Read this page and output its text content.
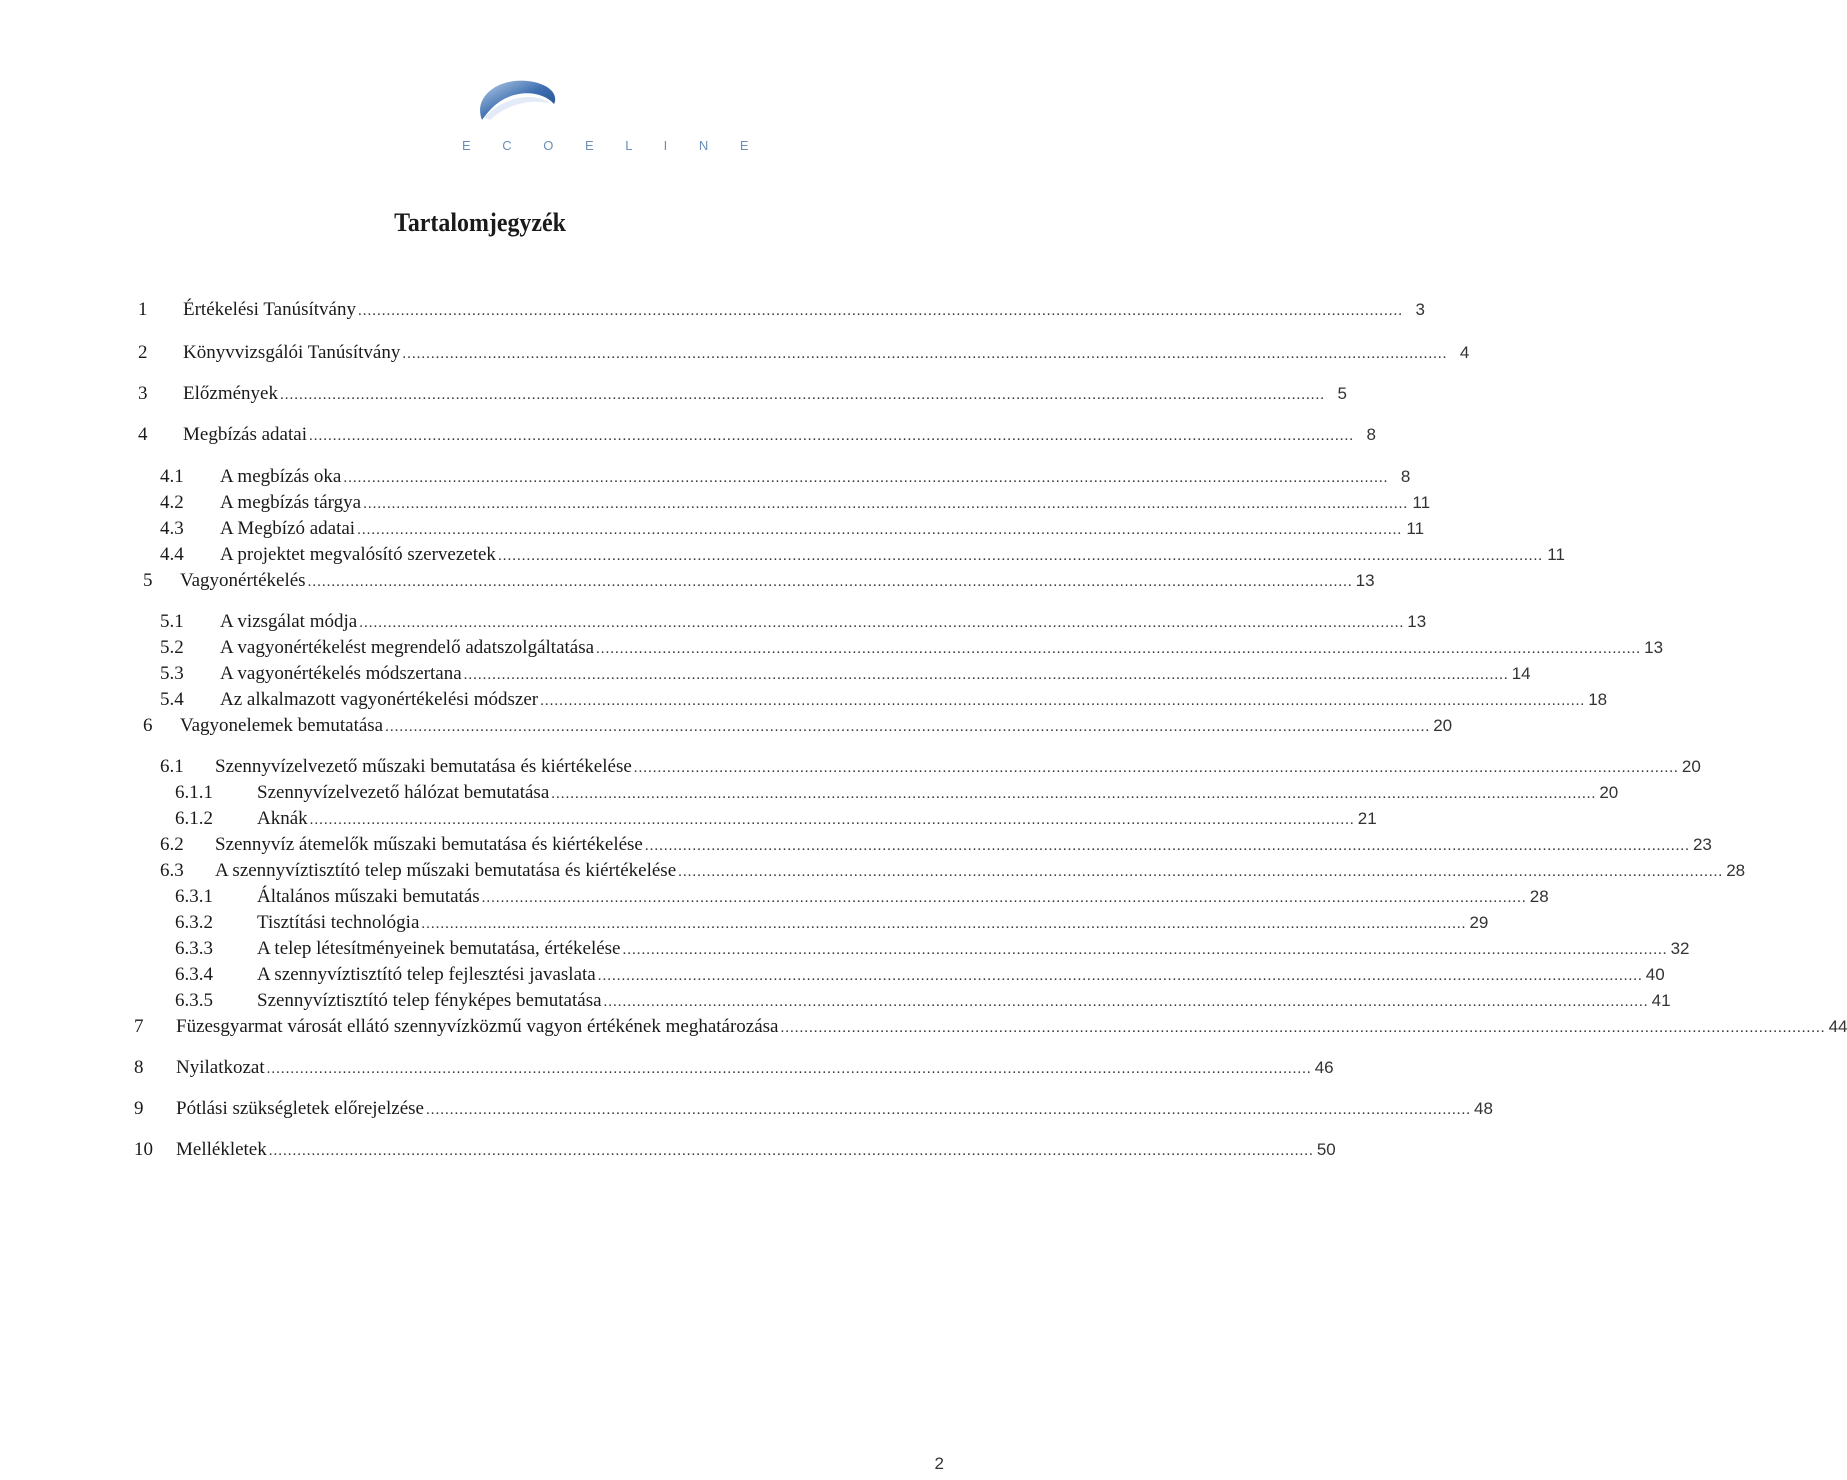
E C O E L I N E
Tartalomjegyzék
1 Értékelési Tanúsítvány ............................................................................................................................................................................................................................ 3
2 Könyvvizsgálói Tanúsítvány ............................................................................................................................................................................................................................ 4
3 Előzmények ............................................................................................................................................................................................................................ 5
4 Megbízás adatai ............................................................................................................................................................................................................................ 8
4.1 A megbízás oka ............................................................................................................................................................................................................................ 8
4.2 A megbízás tárgya ............................................................................................................................................................................................................................ 11
4.3 A Megbízó adatai ............................................................................................................................................................................................................................ 11
4.4 A projektet megvalósító szervezetek ............................................................................................................................................................................................................................ 11
5 Vagyonértékelés ............................................................................................................................................................................................................................ 13
5.1 A vizsgálat módja ............................................................................................................................................................................................................................ 13
5.2 A vagyonértékelést megrendelő adatszolgáltatása ............................................................................................................................................................................................................................ 13
5.3 A vagyonértékelés módszertana ............................................................................................................................................................................................................................ 14
5.4 Az alkalmazott vagyonértékelési módszer ............................................................................................................................................................................................................................ 18
6 Vagyonelemek bemutatása ............................................................................................................................................................................................................................ 20
6.1 Szennyvízelvezető műszaki bemutatása és kiértékelése ............................................................................................................................................................................................................................ 20
6.1.1 Szennyvízelvezető hálózat bemutatása ............................................................................................................................................................................................................................ 20
6.1.2 Aknák ............................................................................................................................................................................................................................ 21
6.2 Szennyvíz átemelők műszaki bemutatása és kiértékelése ............................................................................................................................................................................................................................ 23
6.3 A szennyvíztisztító telep műszaki bemutatása és kiértékelése ............................................................................................................................................................................................................................ 28
6.3.1 Általános műszaki bemutatás ............................................................................................................................................................................................................................ 28
6.3.2 Tisztítási technológia ............................................................................................................................................................................................................................ 29
6.3.3 A telep létesítményeinek bemutatása, értékelése ............................................................................................................................................................................................................................ 32
6.3.4 A szennyvíztisztító telep fejlesztési javaslata ............................................................................................................................................................................................................................ 40
6.3.5 Szennyvíztisztító telep fényképes bemutatása ............................................................................................................................................................................................................................ 41
7 Füzesgyarmat városát ellátó szennyvízközmű vagyon értékének meghatározása ............................................................................................................................................................................................................................ 44
8 Nyilatkozat ............................................................................................................................................................................................................................ 46
9 Pótlási szükségletek előrejelzése ............................................................................................................................................................................................................................ 48
10 Mellékletek ............................................................................................................................................................................................................................ 50
2
